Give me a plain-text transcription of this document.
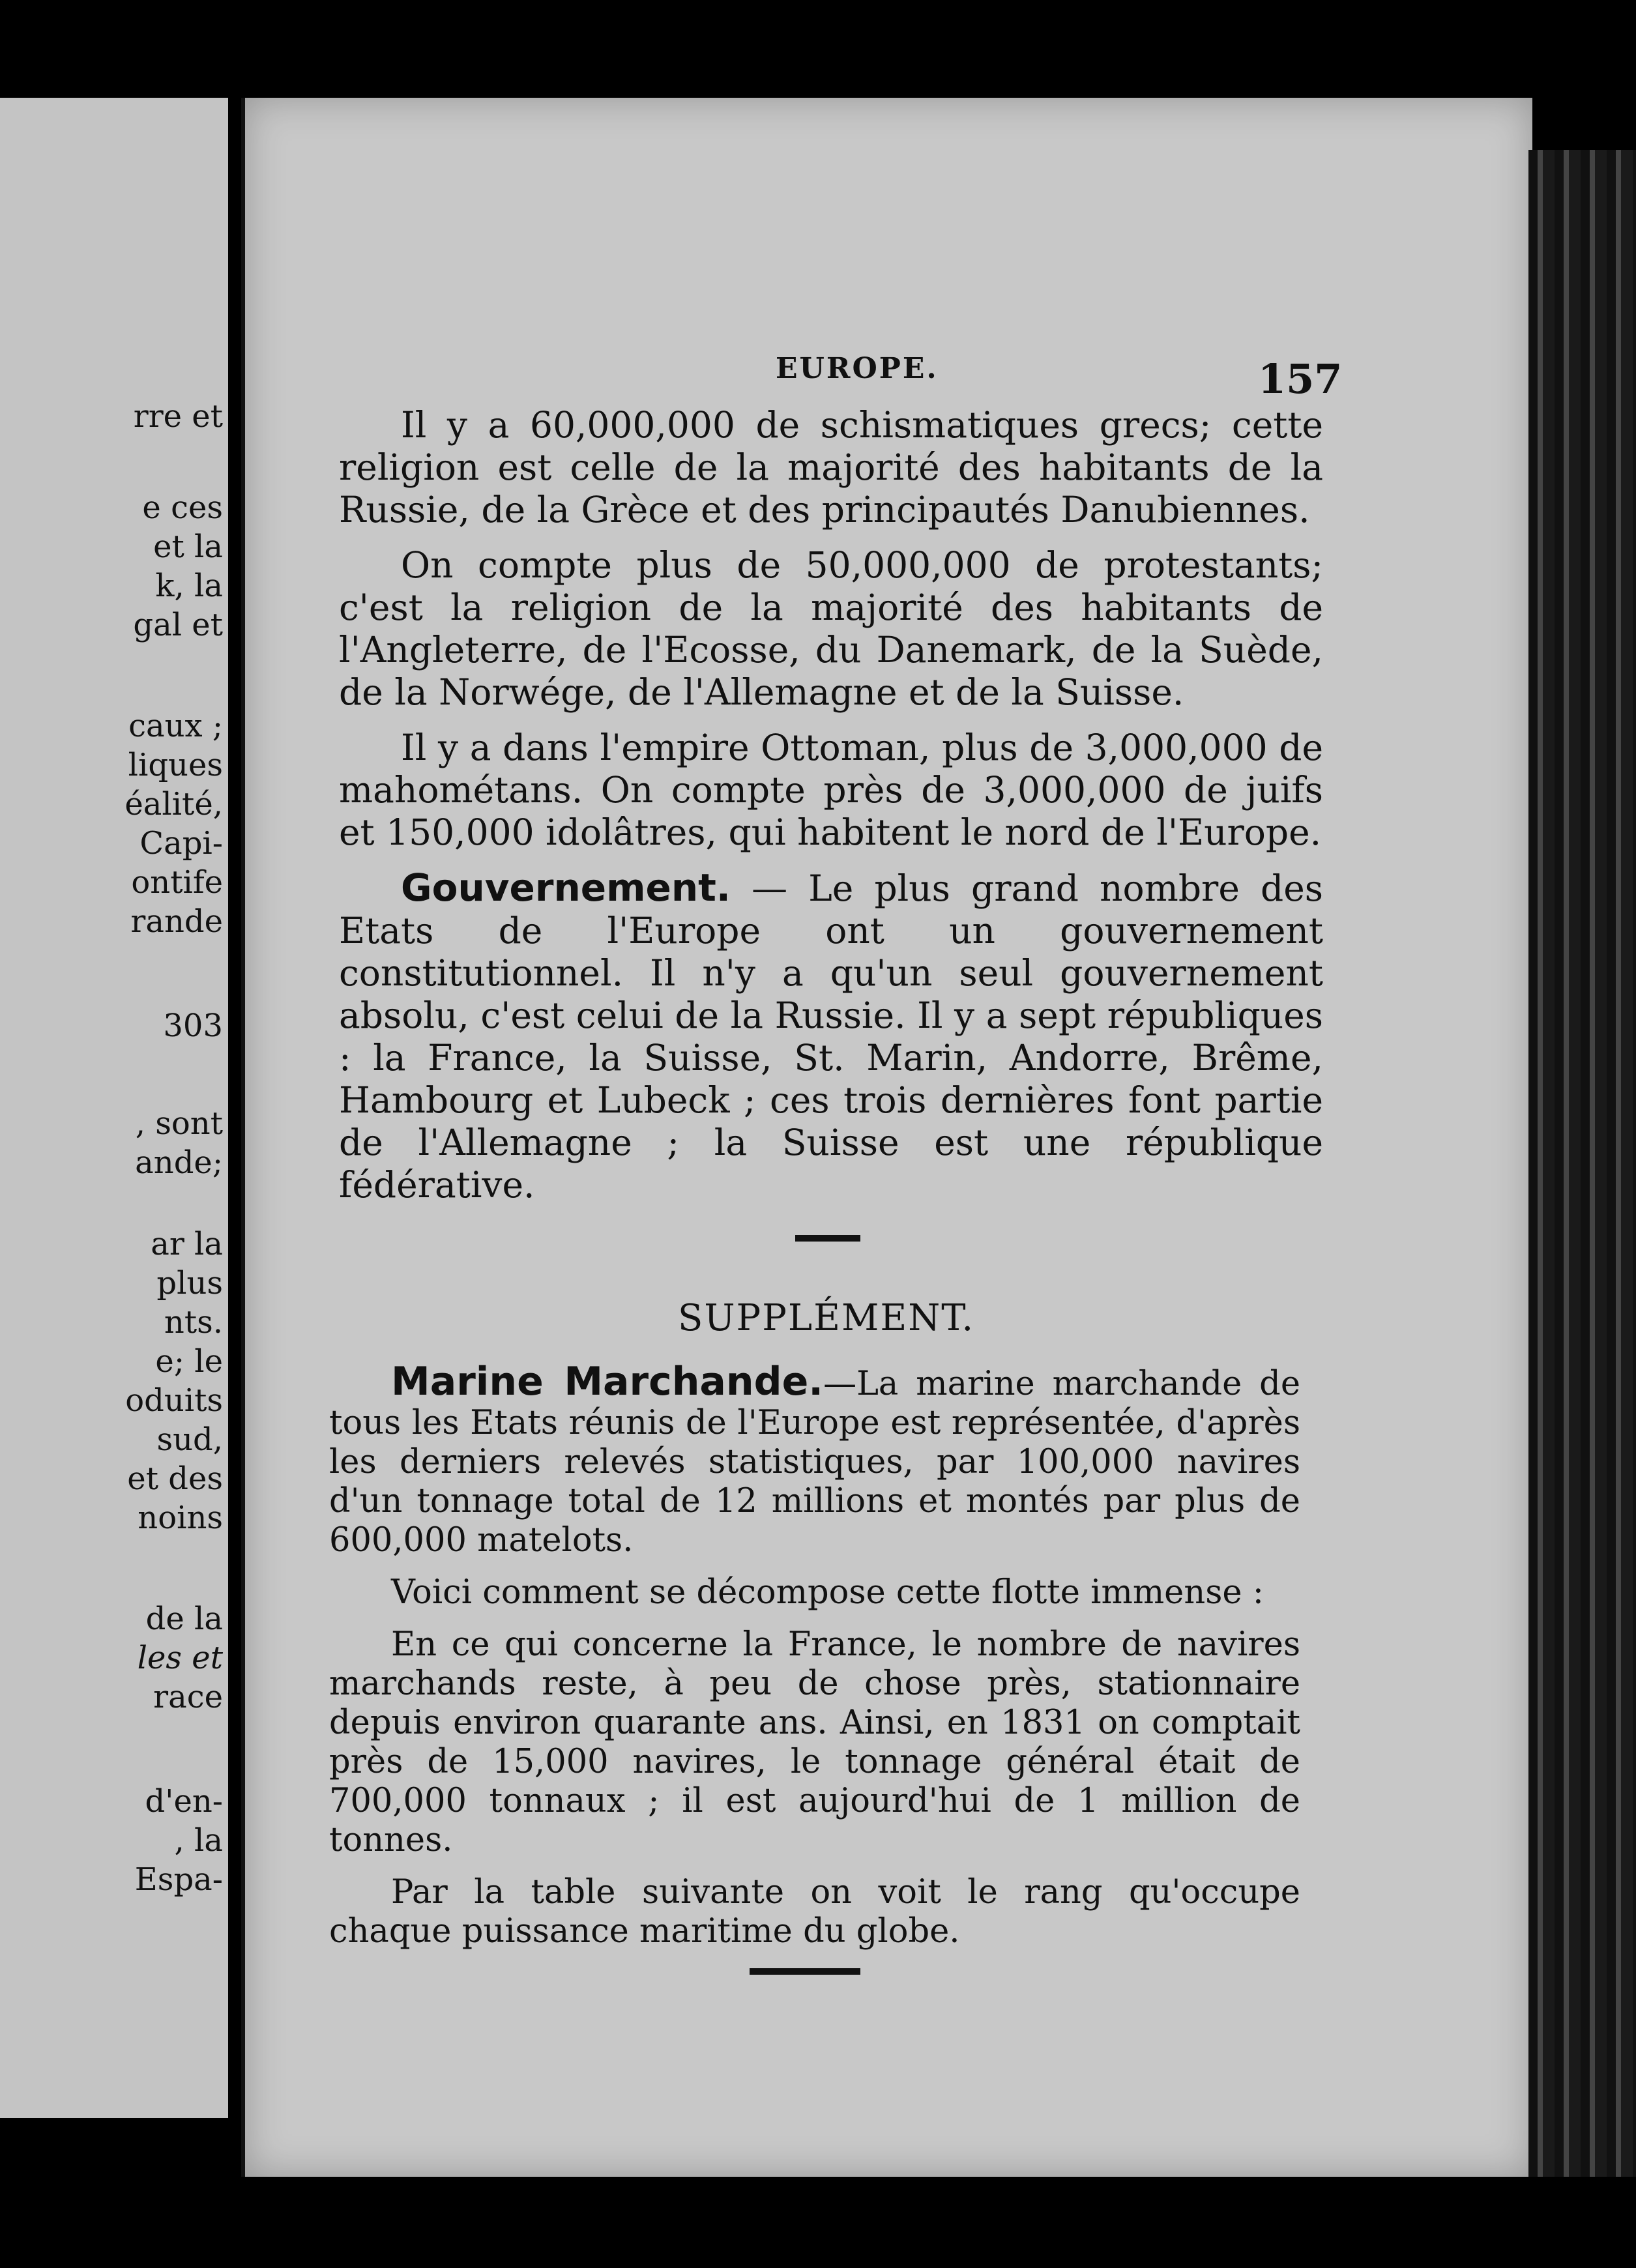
rre et
e ces
et la
k, la
gal et
caux ;
liques
éalité,
Capi-
ontife
rande
303
, sont
ande;
ar la
plus
nts.
e; le
oduits
sud,
et des
noins
de la
les et
race
d'en-
, la
Espa-
EUROPE.	157

Il y a 60,000,000 de schismatiques grecs; cette religion est celle de la majorité des habitants de la Russie, de la Grèce et des principautés Danubiennes.

On compte plus de 50,000,000 de protestants; c'est la religion de la majorité des habitants de l'Angleterre, de l'Ecosse, du Danemark, de la Suède, de la Norwége, de l'Allemagne et de la Suisse.

Il y a dans l'empire Ottoman, plus de 3,000,000 de mahométans. On compte près de 3,000,000 de juifs et 150,000 idolâtres, qui habitent le nord de l'Europe.

Gouvernement. — Le plus grand nombre des Etats de l'Europe ont un gouvernement constitutionnel. Il n'y a qu'un seul gouvernement absolu, c'est celui de la Russie. Il y a sept républiques : la France, la Suisse, St. Marin, Andorre, Brême, Hambourg et Lubeck ; ces trois dernières font partie de l'Allemagne ; la Suisse est une république fédérative.

SUPPLÉMENT.

Marine Marchande.—La marine marchande de tous les Etats réunis de l'Europe est représentée, d'après les derniers relevés statistiques, par 100,000 navires d'un tonnage total de 12 millions et montés par plus de 600,000 matelots.

Voici comment se décompose cette flotte immense :

En ce qui concerne la France, le nombre de navires marchands reste, à peu de chose près, stationnaire depuis environ quarante ans. Ainsi, en 1831 on comptait près de 15,000 navires, le tonnage général était de 700,000 tonnaux ; il est aujourd'hui de 1 million de tonnes.

Par la table suivante on voit le rang qu'occupe chaque puissance maritime du globe.
